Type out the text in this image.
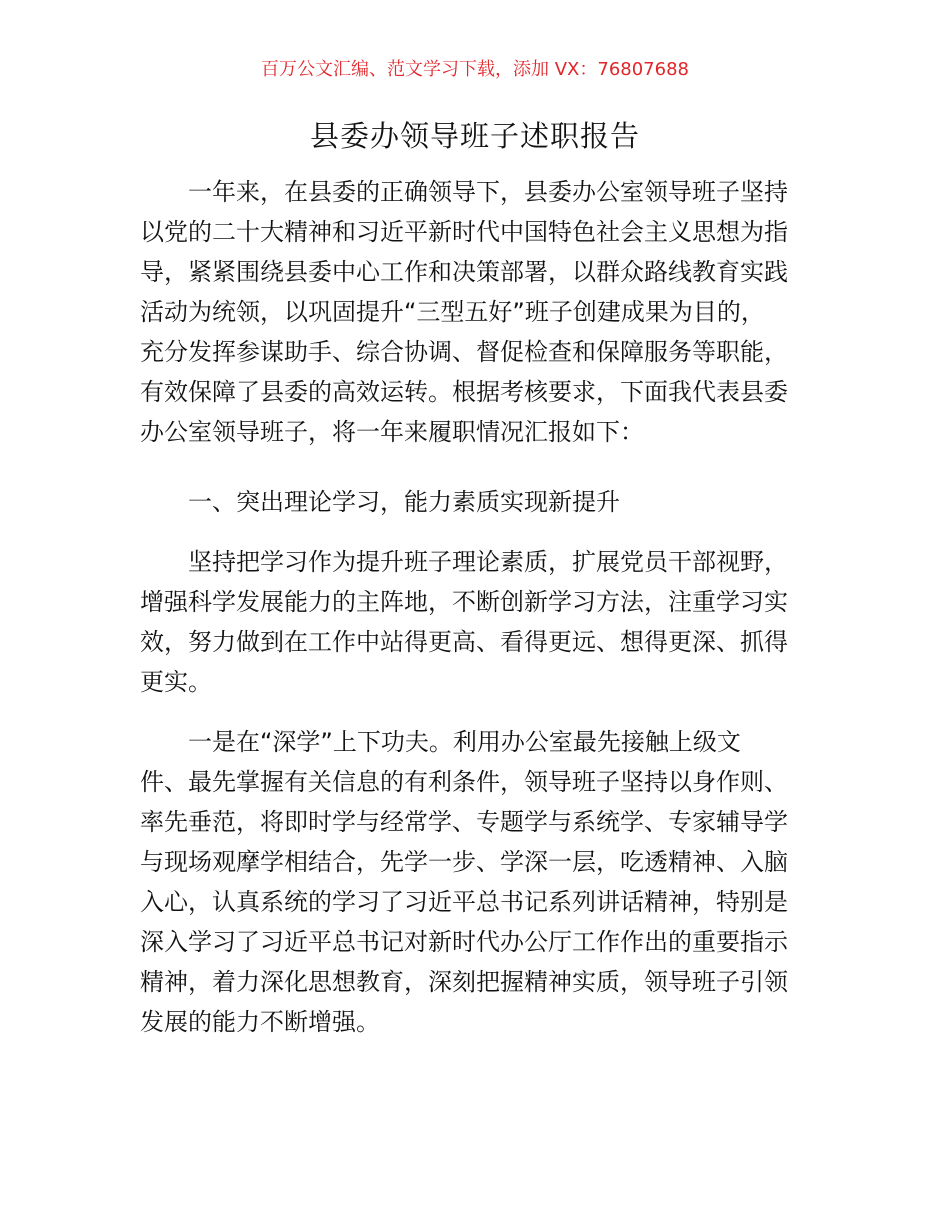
百万公文汇编、范文学习下载，添加 VX：76807688
县委办领导班子述职报告
一年来，在县委的正确领导下，县委办公室领导班子坚持
以党的二十大精神和习近平新时代中国特色社会主义思想为指
导，紧紧围绕县委中心工作和决策部署，以群众路线教育实践
活动为统领，以巩固提升“三型五好”班子创建成果为目的，
充分发挥参谋助手、综合协调、督促检查和保障服务等职能，
有效保障了县委的高效运转。根据考核要求，下面我代表县委
办公室领导班子，将一年来履职情况汇报如下：
一、突出理论学习，能力素质实现新提升
坚持把学习作为提升班子理论素质，扩展党员干部视野，
增强科学发展能力的主阵地，不断创新学习方法，注重学习实
效，努力做到在工作中站得更高、看得更远、想得更深、抓得
更实。
一是在“深学”上下功夫。利用办公室最先接触上级文
件、最先掌握有关信息的有利条件，领导班子坚持以身作则、
率先垂范，将即时学与经常学、专题学与系统学、专家辅导学
与现场观摩学相结合，先学一步、学深一层，吃透精神、入脑
入心，认真系统的学习了习近平总书记系列讲话精神，特别是
深入学习了习近平总书记对新时代办公厅工作作出的重要指示
精神，着力深化思想教育，深刻把握精神实质，领导班子引领
发展的能力不断增强。
